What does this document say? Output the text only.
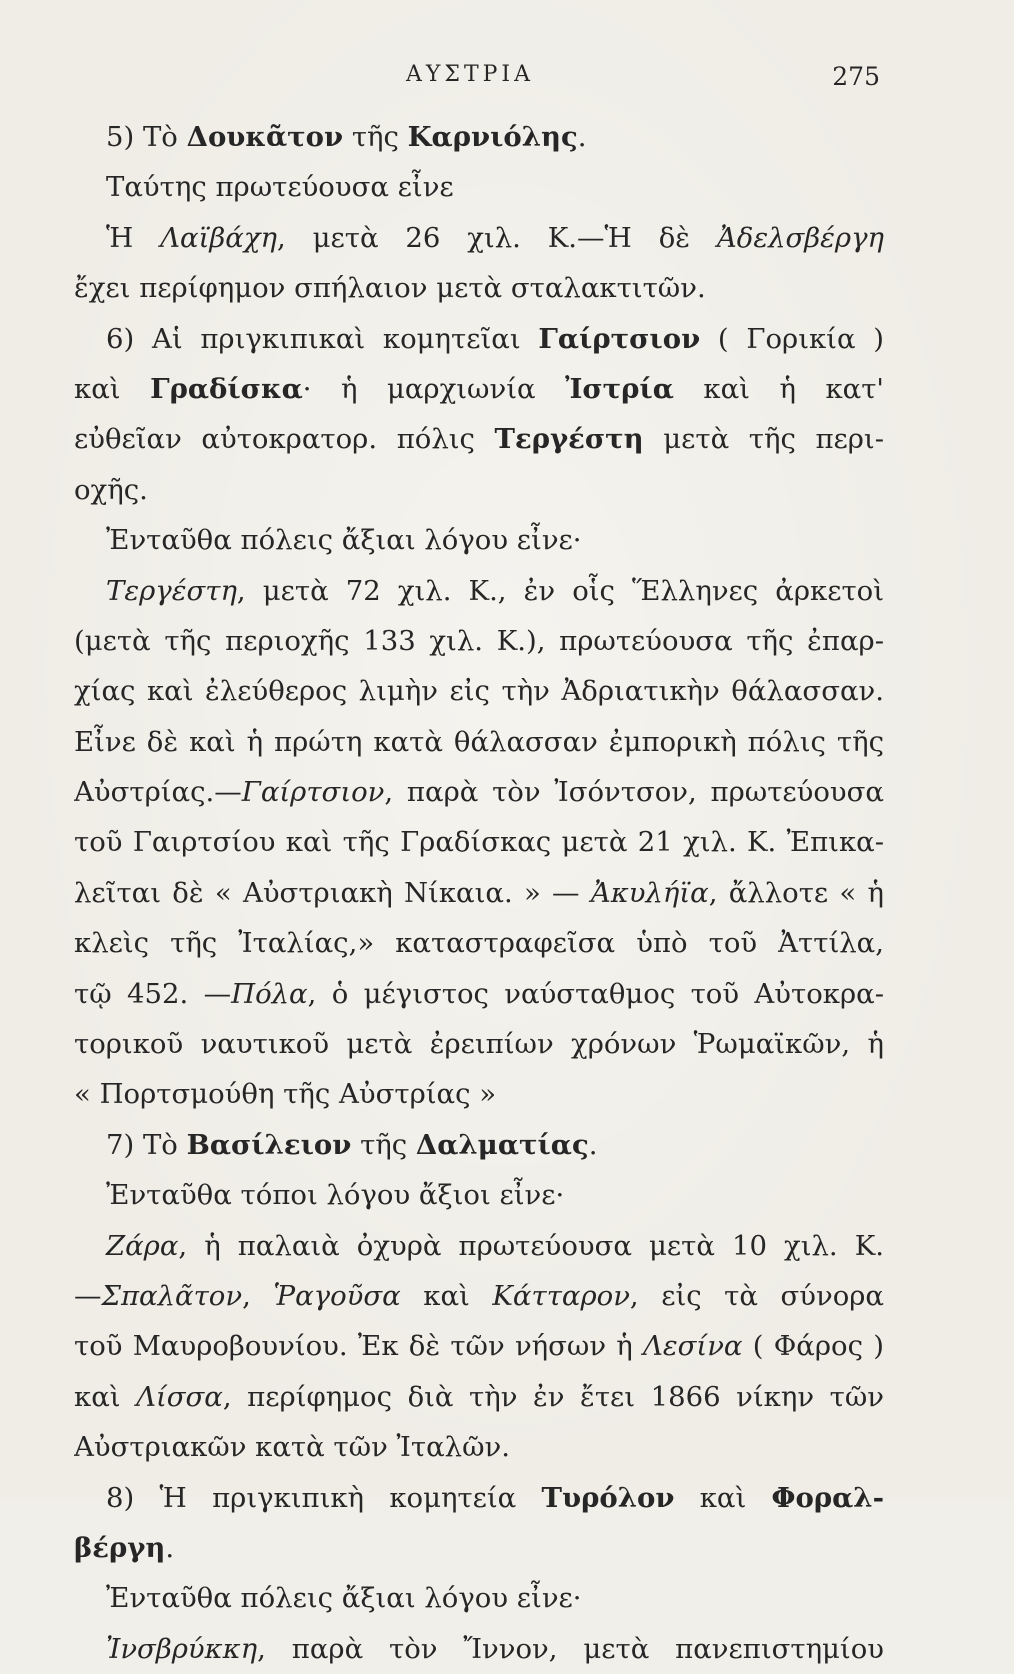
ΑΥΣΤΡΙΑ	275
5) Τὸ Δουκᾶτον τῆς Καρνιόλης.
Ταύτης πρωτεύουσα εἶνε
Ἡ Λαϊβάχη, μετὰ 26 χιλ. Κ.—Ἡ δὲ Ἀδελσβέργη
ἔχει περίφημον σπήλαιον μετὰ σταλακτιτῶν.
6) Αἱ πριγκιπικαὶ κομητεῖαι Γαίρτσιον ( Γορικία )
καὶ Γραδίσκα· ἡ μαρχιωνία Ἰστρία καὶ ἡ κατ'
εὐθεῖαν αὐτοκρατορ. πόλις Τεργέστη μετὰ τῆς περι-
οχῆς.
Ἐνταῦθα πόλεις ἄξιαι λόγου εἶνε·
Τεργέστη, μετὰ 72 χιλ. Κ., ἐν οἷς Ἕλληνες ἀρκετοὶ
(μετὰ τῆς περιοχῆς 133 χιλ. Κ.), πρωτεύουσα τῆς ἐπαρ-
χίας καὶ ἐλεύθερος λιμὴν εἰς τὴν Ἀδριατικὴν θάλασσαν.
Εἶνε δὲ καὶ ἡ πρώτη κατὰ θάλασσαν ἐμπορικὴ πόλις τῆς
Αὐστρίας.—Γαίρτσιον, παρὰ τὸν Ἰσόντσον, πρωτεύουσα
τοῦ Γαιρτσίου καὶ τῆς Γραδίσκας μετὰ 21 χιλ. Κ. Ἐπικα-
λεῖται δὲ « Αὐστριακὴ Νίκαια. » — Ἀκυλήϊα, ἄλλοτε « ἡ
κλεὶς τῆς Ἰταλίας,» καταστραφεῖσα ὑπὸ τοῦ Ἀττίλα,
τῷ 452. —Πόλα, ὁ μέγιστος ναύσταθμος τοῦ Αὐτοκρα-
τορικοῦ ναυτικοῦ μετὰ ἐρειπίων χρόνων Ῥωμαϊκῶν, ἡ
« Πορτσμούθη τῆς Αὐστρίας »
7) Τὸ Βασίλειον τῆς Δαλματίας.
Ἐνταῦθα τόποι λόγου ἄξιοι εἶνε·
Ζάρα, ἡ παλαιὰ ὀχυρὰ πρωτεύουσα μετὰ 10 χιλ. Κ.
—Σπαλᾶτον, Ῥαγοῦσα καὶ Κάτταρον, εἰς τὰ σύνορα
τοῦ Μαυροβουνίου. Ἐκ δὲ τῶν νήσων ἡ Λεσίνα ( Φάρος )
καὶ Λίσσα, περίφημος διὰ τὴν ἐν ἔτει 1866 νίκην τῶν
Αὐστριακῶν κατὰ τῶν Ἰταλῶν.
8) Ἡ πριγκιπικὴ κομητεία Τυρόλον καὶ Φοραλ-
βέργη.
Ἐνταῦθα πόλεις ἄξιαι λόγου εἶνε·
Ἰνσβρύκκη, παρὰ τὸν Ἴννον, μετὰ πανεπιστημίου
